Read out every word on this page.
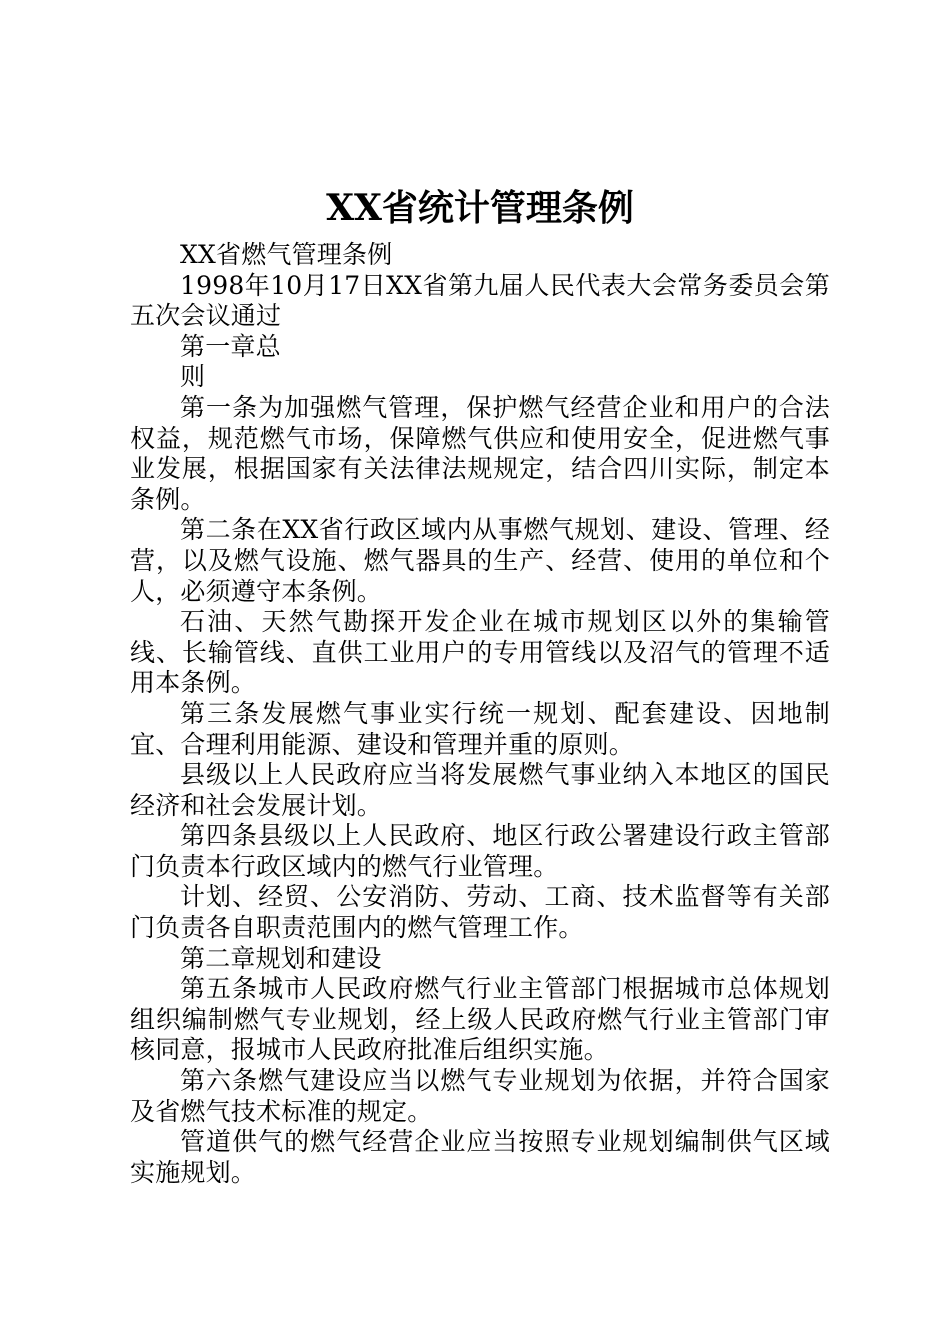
XX省统计管理条例

XX省燃气管理条例

1998年10月17日XX省第九届人民代表大会常务委员会第五次会议通过

第一章总

则

第一条为加强燃气管理，保护燃气经营企业和用户的合法权益，规范燃气市场，保障燃气供应和使用安全，促进燃气事业发展，根据国家有关法律法规规定，结合四川实际，制定本条例。

第二条在XX省行政区域内从事燃气规划、建设、管理、经营，以及燃气设施、燃气器具的生产、经营、使用的单位和个人，必须遵守本条例。

石油、天然气勘探开发企业在城市规划区以外的集输管线、长输管线、直供工业用户的专用管线以及沼气的管理不适用本条例。

第三条发展燃气事业实行统一规划、配套建设、因地制宜、合理利用能源、建设和管理并重的原则。

县级以上人民政府应当将发展燃气事业纳入本地区的国民经济和社会发展计划。

第四条县级以上人民政府、地区行政公署建设行政主管部门负责本行政区域内的燃气行业管理。

计划、经贸、公安消防、劳动、工商、技术监督等有关部门负责各自职责范围内的燃气管理工作。

第二章规划和建设

第五条城市人民政府燃气行业主管部门根据城市总体规划组织编制燃气专业规划，经上级人民政府燃气行业主管部门审核同意，报城市人民政府批准后组织实施。

第六条燃气建设应当以燃气专业规划为依据，并符合国家及省燃气技术标准的规定。

管道供气的燃气经营企业应当按照专业规划编制供气区域实施规划。
